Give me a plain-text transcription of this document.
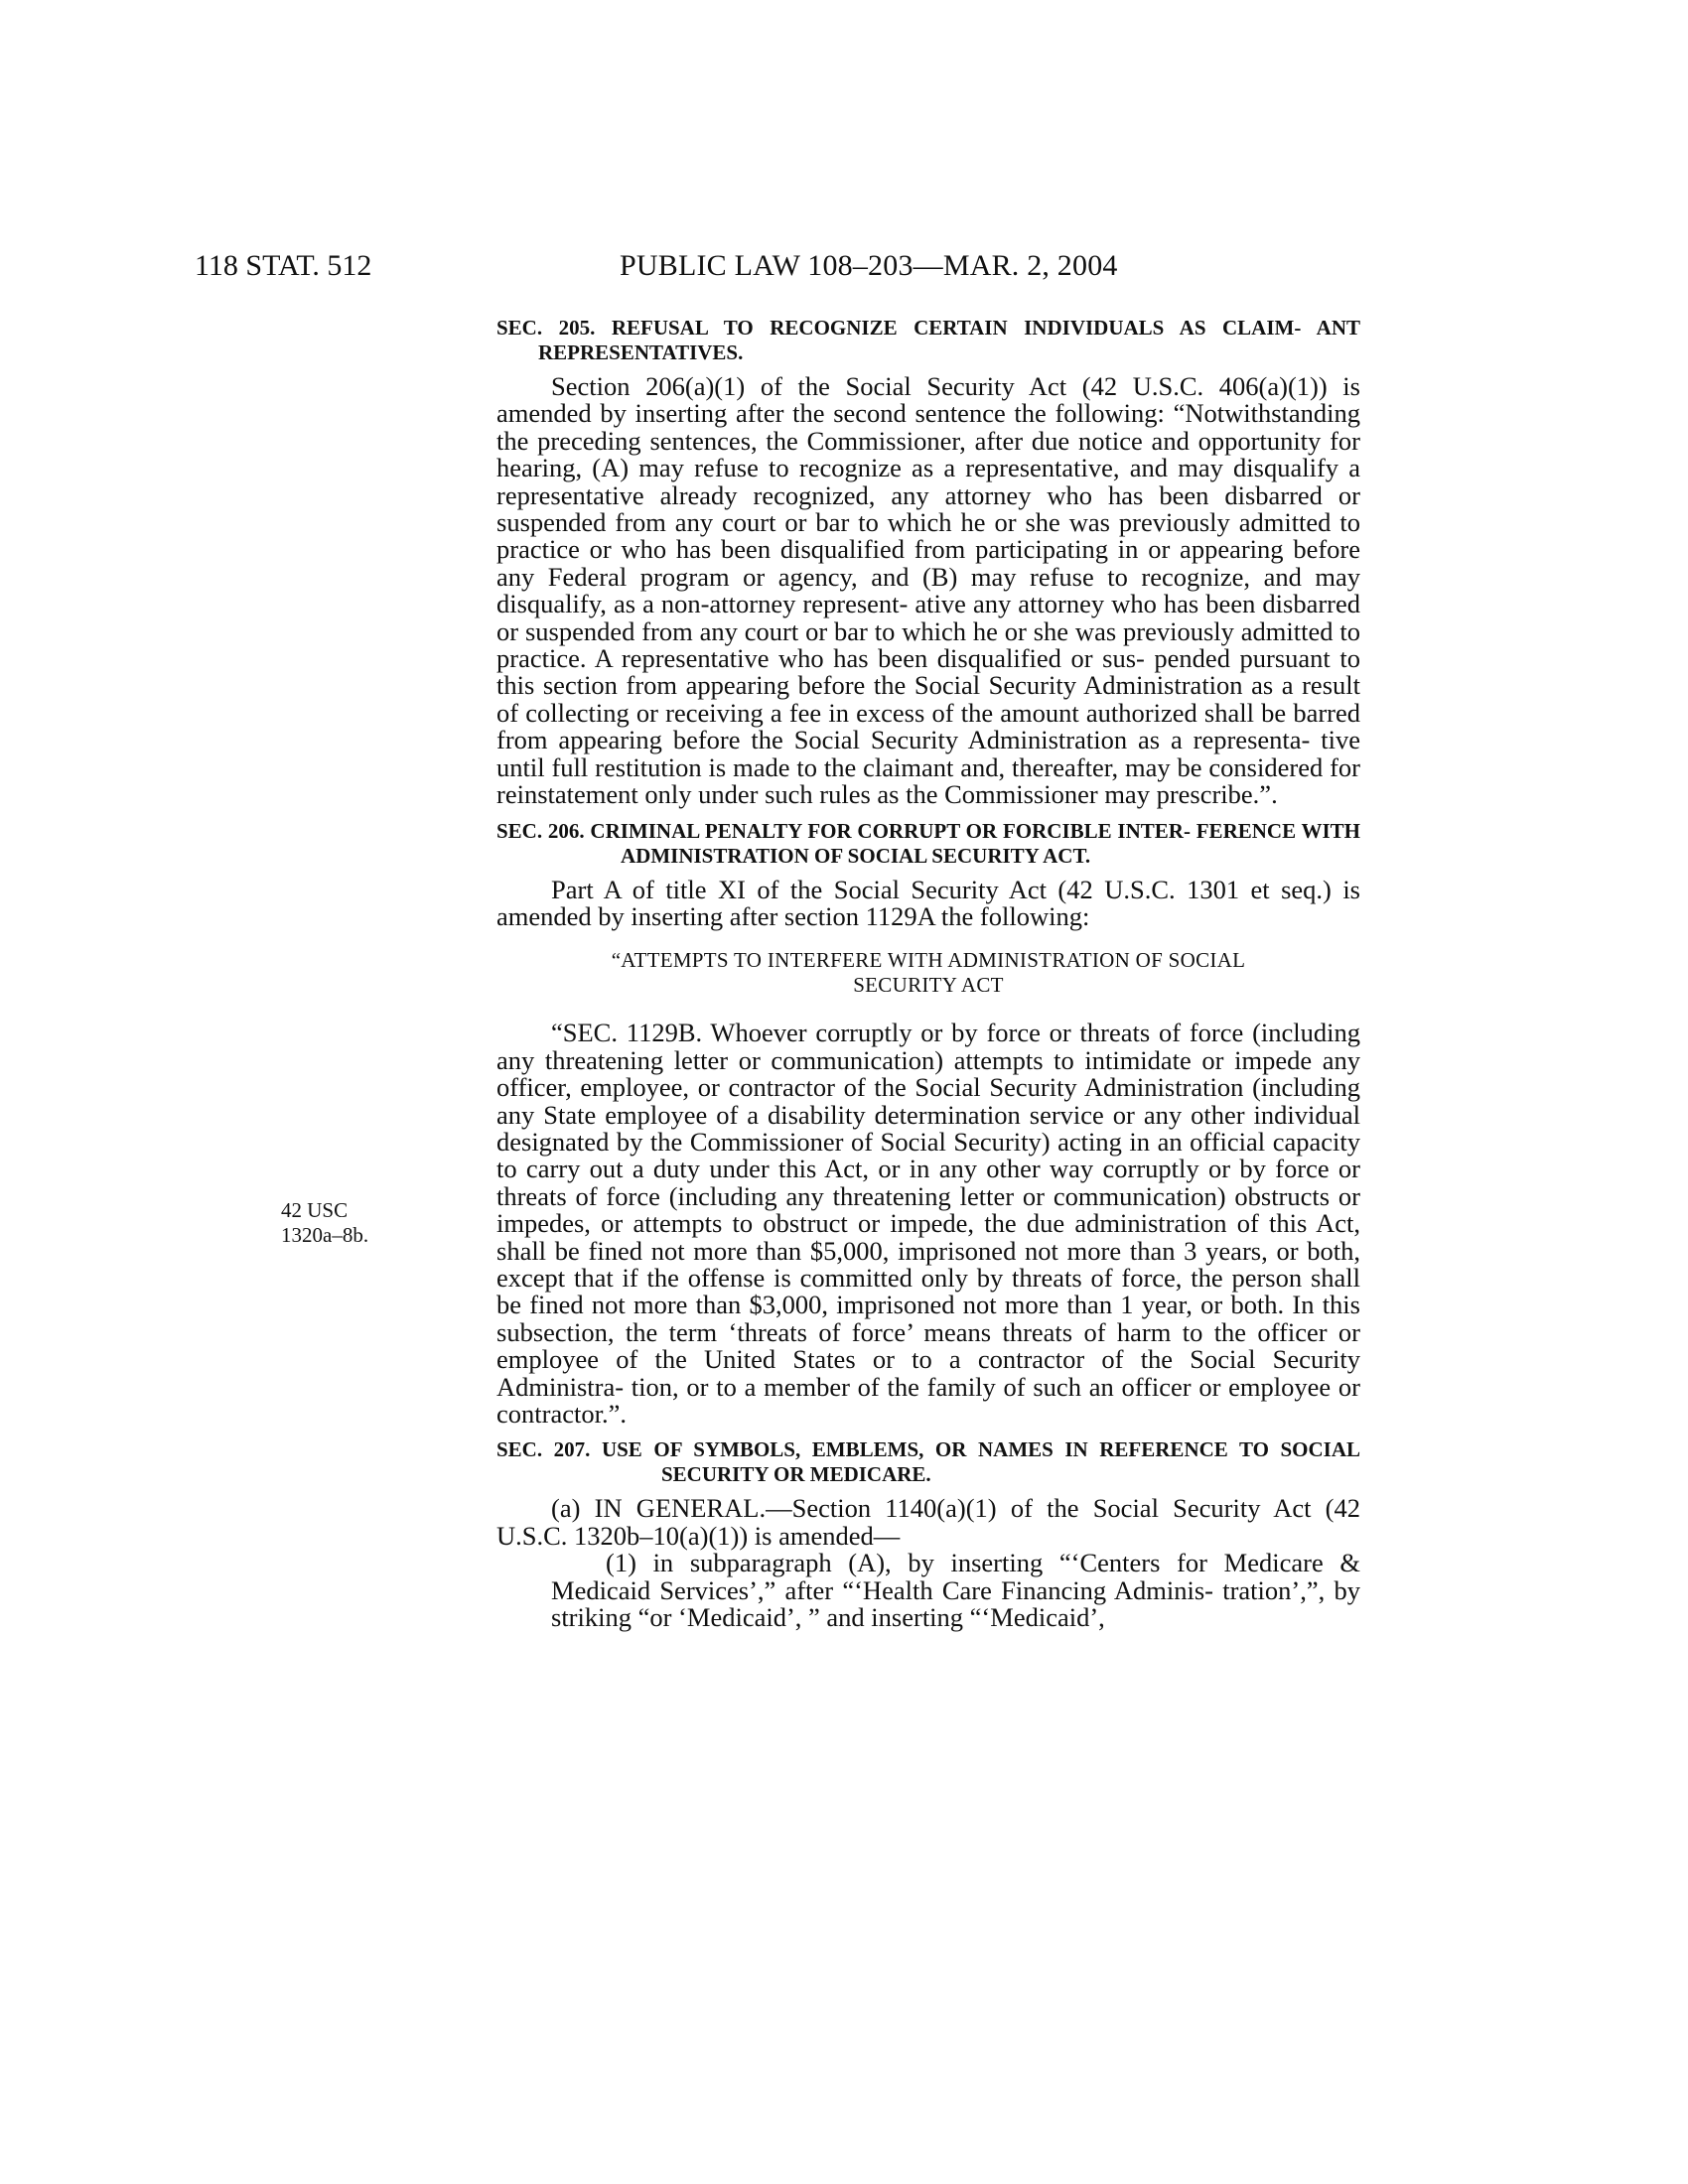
118 STAT. 512	PUBLIC LAW 108–203—MAR. 2, 2004
42 USC
1320a–8b.

SEC. 205. REFUSAL TO RECOGNIZE CERTAIN INDIVIDUALS AS CLAIM- ANT REPRESENTATIVES.

Section 206(a)(1) of the Social Security Act (42 U.S.C. 406(a)(1)) is amended by inserting after the second sentence the following: “Notwithstanding the preceding sentences, the Commissioner, after due notice and opportunity for hearing, (A) may refuse to recognize as a representative, and may disqualify a representative already recognized, any attorney who has been disbarred or suspended from any court or bar to which he or she was previously admitted to practice or who has been disqualified from participating in or appearing before any Federal program or agency, and (B) may refuse to recognize, and may disqualify, as a non-attorney represent- ative any attorney who has been disbarred or suspended from any court or bar to which he or she was previously admitted to practice. A representative who has been disqualified or sus- pended pursuant to this section from appearing before the Social Security Administration as a result of collecting or receiving a fee in excess of the amount authorized shall be barred from appearing before the Social Security Administration as a representa- tive until full restitution is made to the claimant and, thereafter, may be considered for reinstatement only under such rules as the Commissioner may prescribe.”.

SEC. 206. CRIMINAL PENALTY FOR CORRUPT OR FORCIBLE INTER- FERENCE WITH ADMINISTRATION OF SOCIAL SECURITY ACT.

Part A of title XI of the Social Security Act (42 U.S.C. 1301 et seq.) is amended by inserting after section 1129A the following:

“ATTEMPTS TO INTERFERE WITH ADMINISTRATION OF SOCIAL
SECURITY ACT

“SEC. 1129B. Whoever corruptly or by force or threats of force (including any threatening letter or communication) attempts to intimidate or impede any officer, employee, or contractor of the Social Security Administration (including any State employee of a disability determination service or any other individual designated by the Commissioner of Social Security) acting in an official capacity to carry out a duty under this Act, or in any other way corruptly or by force or threats of force (including any threatening letter or communication) obstructs or impedes, or attempts to obstruct or impede, the due administration of this Act, shall be fined not more than $5,000, imprisoned not more than 3 years, or both, except that if the offense is committed only by threats of force, the person shall be fined not more than $3,000, imprisoned not more than 1 year, or both. In this subsection, the term ‘threats of force’ means threats of harm to the officer or employee of the United States or to a contractor of the Social Security Administra- tion, or to a member of the family of such an officer or employee or contractor.”.

SEC. 207. USE OF SYMBOLS, EMBLEMS, OR NAMES IN REFERENCE TO SOCIAL SECURITY OR MEDICARE.

(a) IN GENERAL.—Section 1140(a)(1) of the Social Security Act (42 U.S.C. 1320b–10(a)(1)) is amended—

(1) in subparagraph (A), by inserting “‘Centers for Medicare & Medicaid Services’,” after “‘Health Care Financing Adminis- tration’,”, by striking “or ‘Medicaid’, ” and inserting “‘Medicaid’,
